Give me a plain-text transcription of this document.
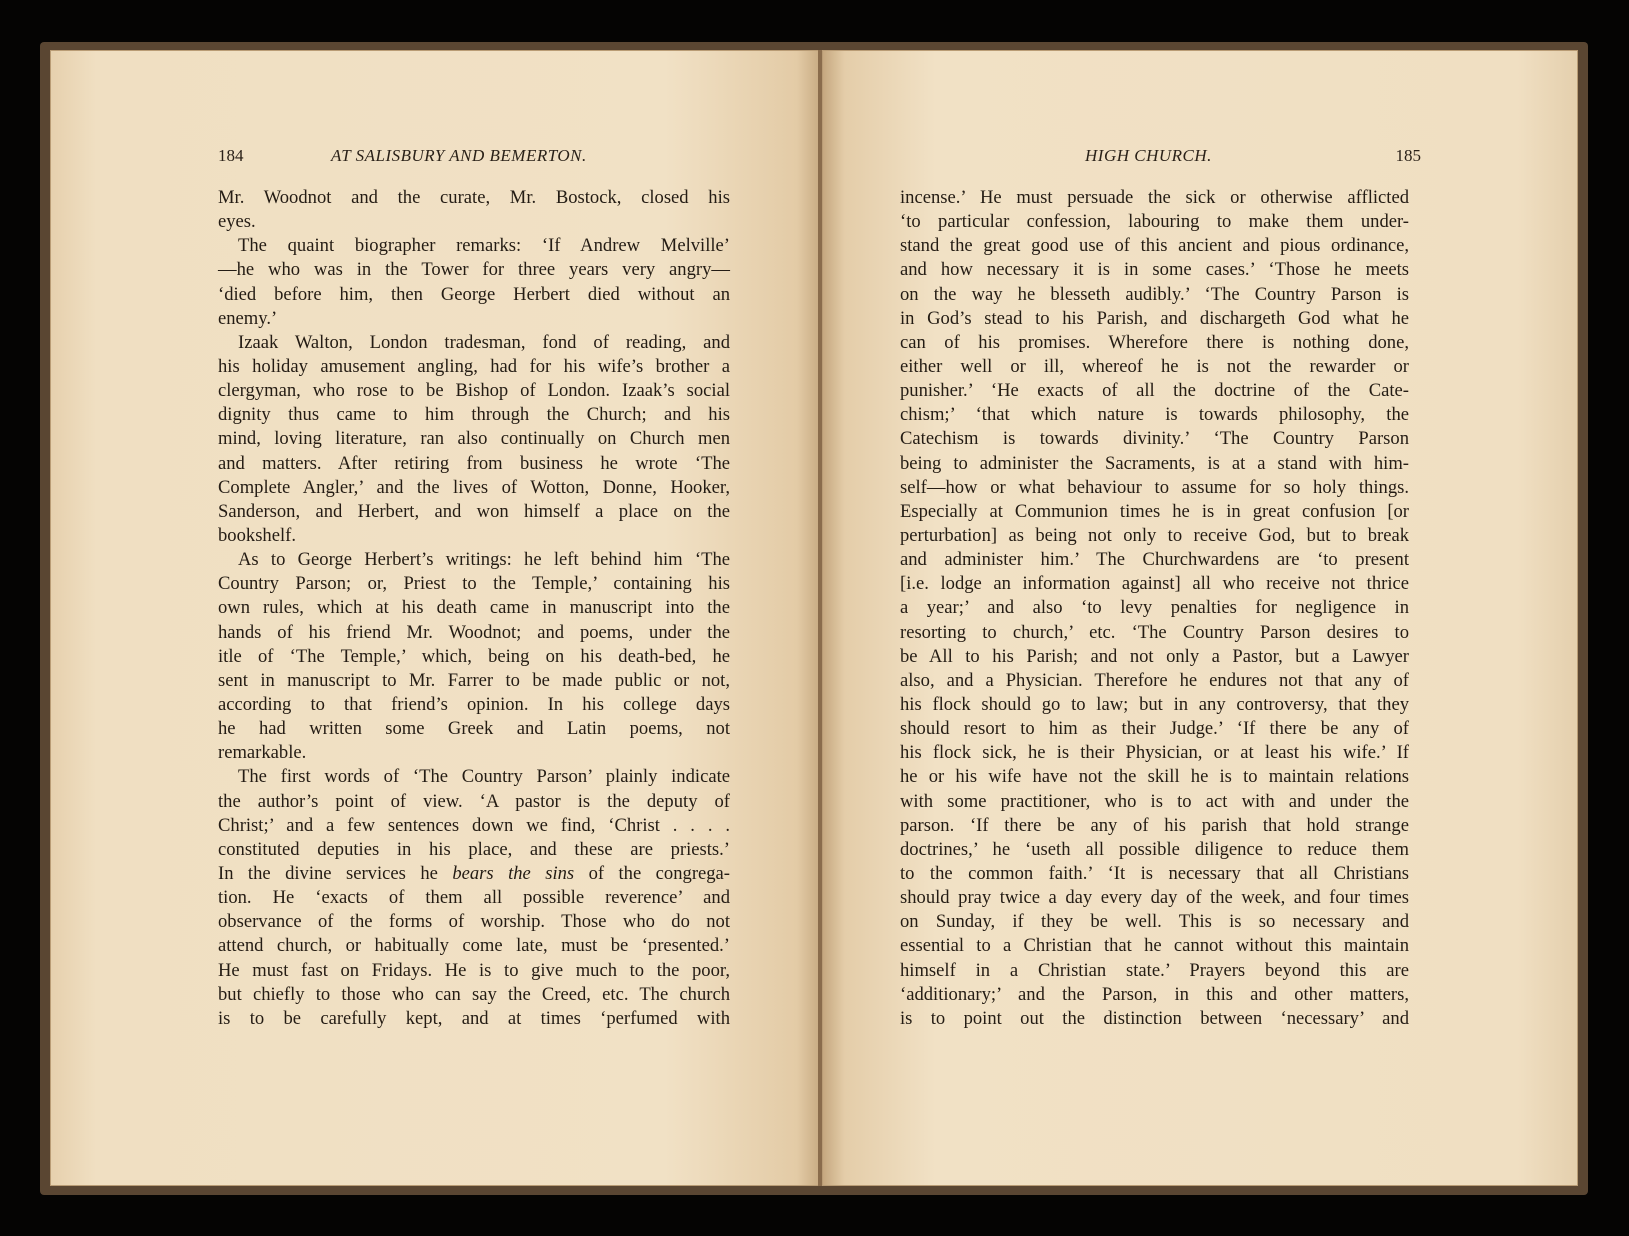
184	AT SALISBURY AND BEMERTON.
Mr. Woodnot and the curate, Mr. Bostock, closed his
eyes.
The quaint biographer remarks: ‘If Andrew Melville’
—he who was in the Tower for three years very angry—
‘died before him, then George Herbert died without an
enemy.’
Izaak Walton, London tradesman, fond of reading, and
his holiday amusement angling, had for his wife’s brother a
clergyman, who rose to be Bishop of London. Izaak’s social
dignity thus came to him through the Church; and his
mind, loving literature, ran also continually on Church men
and matters. After retiring from business he wrote ‘The
Complete Angler,’ and the lives of Wotton, Donne, Hooker,
Sanderson, and Herbert, and won himself a place on the
bookshelf.
As to George Herbert’s writings: he left behind him ‘The
Country Parson; or, Priest to the Temple,’ containing his
own rules, which at his death came in manuscript into the
hands of his friend Mr. Woodnot; and poems, under the
itle of ‘The Temple,’ which, being on his death-bed, he
sent in manuscript to Mr. Farrer to be made public or not,
according to that friend’s opinion. In his college days
he had written some Greek and Latin poems, not
remarkable.
The first words of ‘The Country Parson’ plainly indicate
the author’s point of view. ‘A pastor is the deputy of
Christ;’ and a few sentences down we find, ‘Christ . . . .
constituted deputies in his place, and these are priests.’
In the divine services he bears the sins of the congrega-
tion. He ‘exacts of them all possible reverence’ and
observance of the forms of worship. Those who do not
attend church, or habitually come late, must be ‘presented.’
He must fast on Fridays. He is to give much to the poor,
but chiefly to those who can say the Creed, etc. The church
is to be carefully kept, and at times ‘perfumed with
HIGH CHURCH.	185
incense.’ He must persuade the sick or otherwise afflicted
‘to particular confession, labouring to make them under-
stand the great good use of this ancient and pious ordinance,
and how necessary it is in some cases.’ ‘Those he meets
on the way he blesseth audibly.’ ‘The Country Parson is
in God’s stead to his Parish, and dischargeth God what he
can of his promises. Wherefore there is nothing done,
either well or ill, whereof he is not the rewarder or
punisher.’ ‘He exacts of all the doctrine of the Cate-
chism;’ ‘that which nature is towards philosophy, the
Catechism is towards divinity.’ ‘The Country Parson
being to administer the Sacraments, is at a stand with him-
self—how or what behaviour to assume for so holy things.
Especially at Communion times he is in great confusion [or
perturbation] as being not only to receive God, but to break
and administer him.’ The Churchwardens are ‘to present
[i.e. lodge an information against] all who receive not thrice
a year;’ and also ‘to levy penalties for negligence in
resorting to church,’ etc. ‘The Country Parson desires to
be All to his Parish; and not only a Pastor, but a Lawyer
also, and a Physician. Therefore he endures not that any of
his flock should go to law; but in any controversy, that they
should resort to him as their Judge.’ ‘If there be any of
his flock sick, he is their Physician, or at least his wife.’ If
he or his wife have not the skill he is to maintain relations
with some practitioner, who is to act with and under the
parson. ‘If there be any of his parish that hold strange
doctrines,’ he ‘useth all possible diligence to reduce them
to the common faith.’ ‘It is necessary that all Christians
should pray twice a day every day of the week, and four times
on Sunday, if they be well. This is so necessary and
essential to a Christian that he cannot without this maintain
himself in a Christian state.’ Prayers beyond this are
‘additionary;’ and the Parson, in this and other matters,
is to point out the distinction between ‘necessary’ and
